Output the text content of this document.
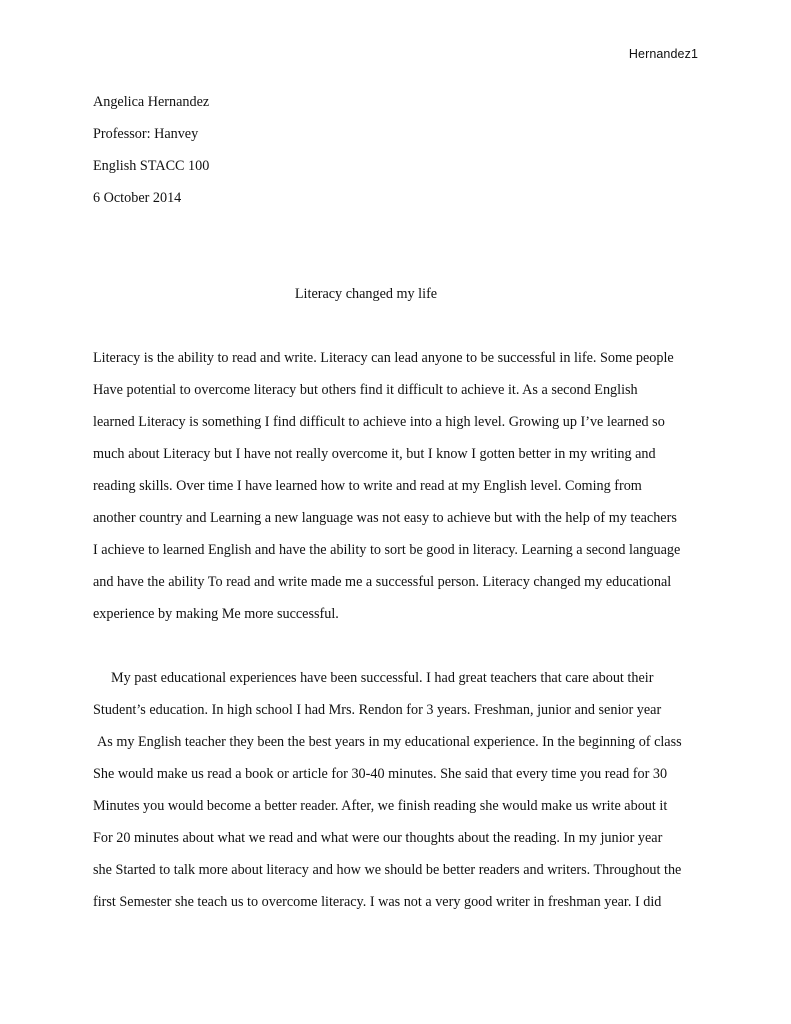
Hernandez1
Angelica Hernandez
Professor: Hanvey
English STACC 100
6 October 2014
Literacy changed my life
Literacy is the ability to read and write. Literacy can lead anyone to be successful in life. Some people
Have potential to overcome literacy but others find it difficult to achieve it. As a second English
learned Literacy is something I find difficult to achieve into a high level. Growing up I’ve learned so
much about Literacy but I have not really overcome it, but I know I gotten better in my writing and
reading skills. Over time I have learned how to write and read at my English level. Coming from
another country and Learning a new language was not easy to achieve but with the help of my teachers
I achieve to learned English and have the ability to sort be good in literacy. Learning a second language
and have the ability To read and write made me a successful person. Literacy changed my educational
experience by making Me more successful.
My past educational experiences have been successful. I had great teachers that care about their
Student’s education. In high school I had Mrs. Rendon for 3 years. Freshman, junior and senior year
As my English teacher they been the best years in my educational experience. In the beginning of class
She would make us read a book or article for 30-40 minutes. She said that every time you read for 30
Minutes you would become a better reader. After, we finish reading she would make us write about it
For 20 minutes about what we read and what were our thoughts about the reading. In my junior year
she Started to talk more about literacy and how we should be better readers and writers. Throughout the
first Semester she teach us to overcome literacy. I was not a very good writer in freshman year. I did
